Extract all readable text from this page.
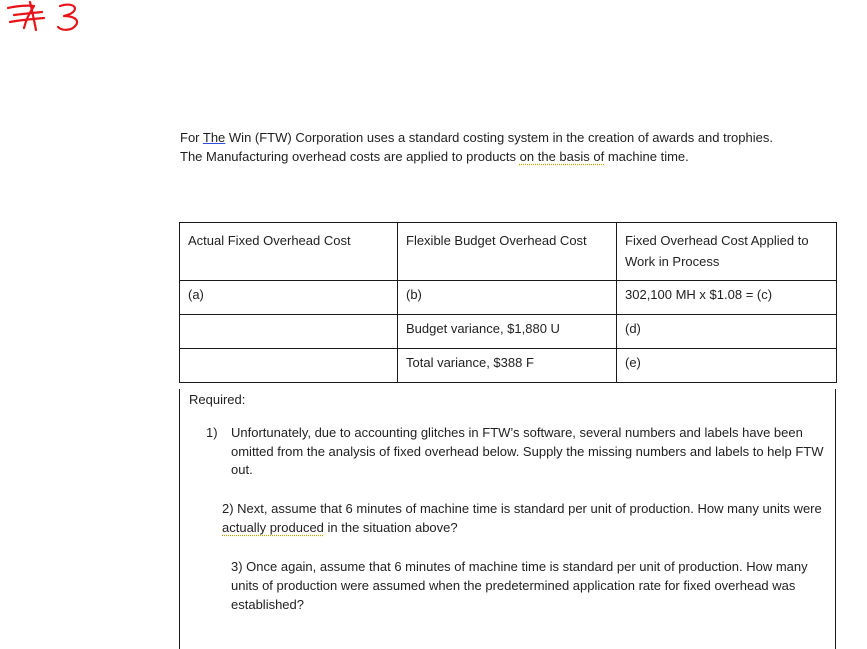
For The Win (FTW) Corporation uses a standard costing system in the creation of awards and trophies.

The Manufacturing overhead costs are applied to products on the basis of machine time.

Actual Fixed Overhead Cost	Flexible Budget Overhead Cost	Fixed Overhead Cost Applied to Work in Process
(a)	(b)	302,100 MH x $1.08 = (c)
	Budget variance, $1,880 U	(d)
	Total variance, $388 F	(e)
Required:
1) Unfortunately, due to accounting glitches in FTW’s software, several numbers and labels have been omitted from the analysis of fixed overhead below. Supply the missing numbers and labels to help FTW out.
2) Next, assume that 6 minutes of machine time is standard per unit of production. How many units were actually produced in the situation above?
3) Once again, assume that 6 minutes of machine time is standard per unit of production. How many units of production were assumed when the predetermined application rate for fixed overhead was established?
